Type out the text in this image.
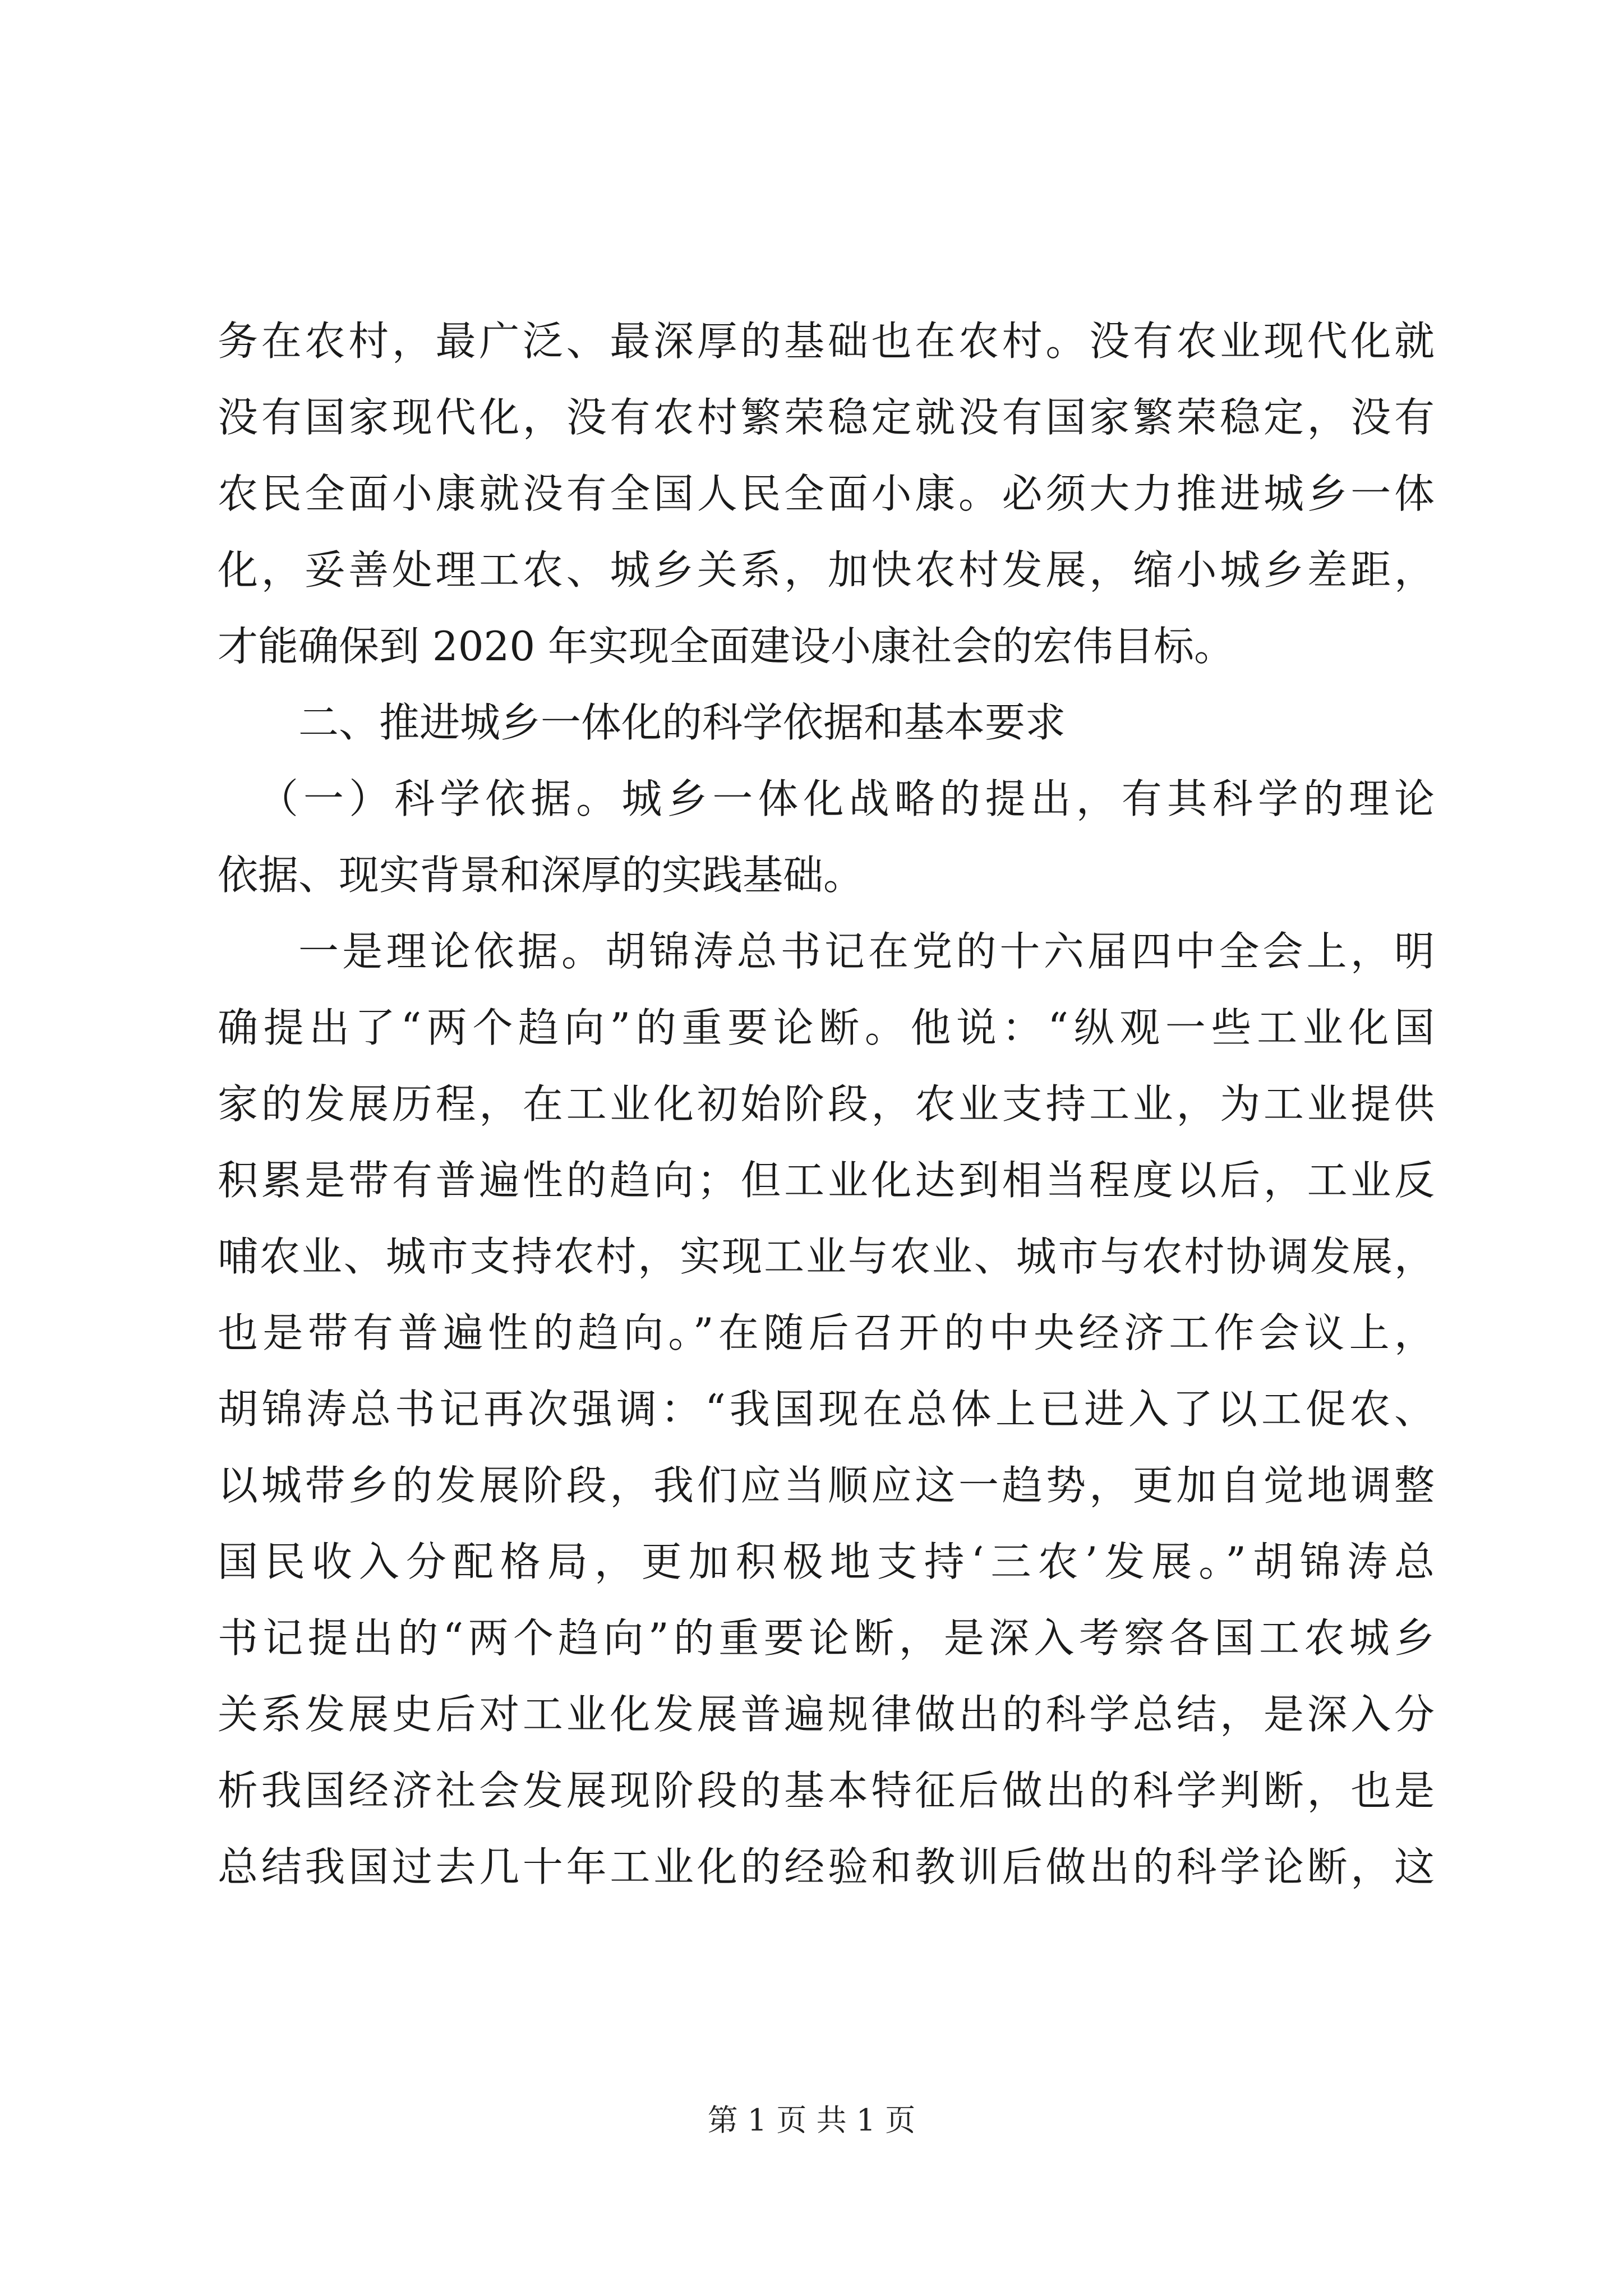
务在农村，最广泛、最深厚的基础也在农村。没有农业现代化就
没有国家现代化，没有农村繁荣稳定就没有国家繁荣稳定，没有
农民全面小康就没有全国人民全面小康。必须大力推进城乡一体
化，妥善处理工农、城乡关系，加快农村发展，缩小城乡差距，
才能确保到 2020 年实现全面建设小康社会的宏伟目标。
二、推进城乡一体化的科学依据和基本要求
（一）科学依据。城乡一体化战略的提出，有其科学的理论
依据、现实背景和深厚的实践基础。
一是理论依据。胡锦涛总书记在党的十六届四中全会上，明
确提出了“两个趋向”的重要论断。他说：“纵观一些工业化国
家的发展历程，在工业化初始阶段，农业支持工业，为工业提供
积累是带有普遍性的趋向；但工业化达到相当程度以后，工业反
哺农业、城市支持农村，实现工业与农业、城市与农村协调发展，
也是带有普遍性的趋向。”在随后召开的中央经济工作会议上，
胡锦涛总书记再次强调：“我国现在总体上已进入了以工促农、
以城带乡的发展阶段，我们应当顺应这一趋势，更加自觉地调整
国民收入分配格局，更加积极地支持‘三农’发展。”胡锦涛总
书记提出的“两个趋向”的重要论断，是深入考察各国工农城乡
关系发展史后对工业化发展普遍规律做出的科学总结，是深入分
析我国经济社会发展现阶段的基本特征后做出的科学判断，也是
总结我国过去几十年工业化的经验和教训后做出的科学论断，这
第 1 页 共 1 页
